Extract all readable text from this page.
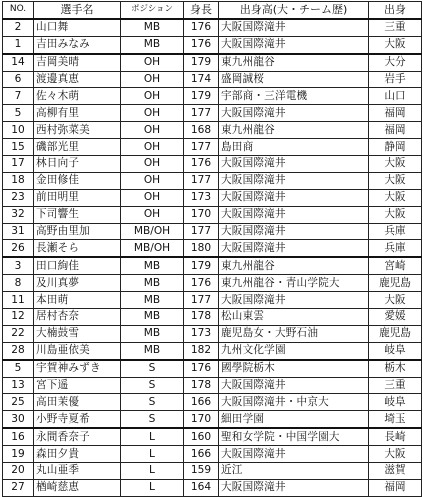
NO.	選手名	ポジション	身長	出身高(大・チーム歴)	出身
2	山口舞	MB	176	大阪国際滝井	三重
1	吉田みなみ	MB	176	大阪国際滝井	大阪
14	吉岡美晴	OH	179	東九州龍谷	大分
6	渡邊真恵	OH	174	盛岡誠桜	岩手
7	佐々木萌	OH	179	宇部商・三洋電機	山口
5	高柳有里	OH	177	大阪国際滝井	福岡
10	西村弥菜美	OH	168	東九州龍谷	福岡
15	磯部光里	OH	177	島田商	静岡
17	林日向子	OH	176	大阪国際滝井	大阪
18	金田修佳	OH	177	大阪国際滝井	大阪
23	前田明里	OH	173	大阪国際滝井	大阪
32	下司響生	OH	170	大阪国際滝井	大阪
31	高野由里加	MB/OH	177	大阪国際滝井	兵庫
26	長瀬そら	MB/OH	180	大阪国際滝井	兵庫
3	田口絢佳	MB	179	東九州龍谷	宮崎
8	及川真夢	MB	176	東九州龍谷・青山学院大	鹿児島
11	本田萌	MB	177	大阪国際滝井	大阪
12	居村杏奈	MB	178	松山東雲	愛媛
22	大楠鼓雪	MB	173	鹿児島女・大野石油	鹿児島
28	川島亜依美	MB	182	九州文化学園	岐阜
5	宇賀神みずき	S	176	國學院栃木	栃木
13	宮下遥	S	178	大阪国際滝井	三重
25	高田茉優	S	166	大阪国際滝井・中京大	岐阜
30	小野寺夏希	S	170	細田学園	埼玉
16	永間香奈子	L	160	聖和女学院・中国学園大	長崎
19	森田夕貴	L	166	大阪国際滝井	大阪
20	丸山亜季	L	159	近江	滋賀
27	楢崎慈恵	L	164	大阪国際滝井	福岡
